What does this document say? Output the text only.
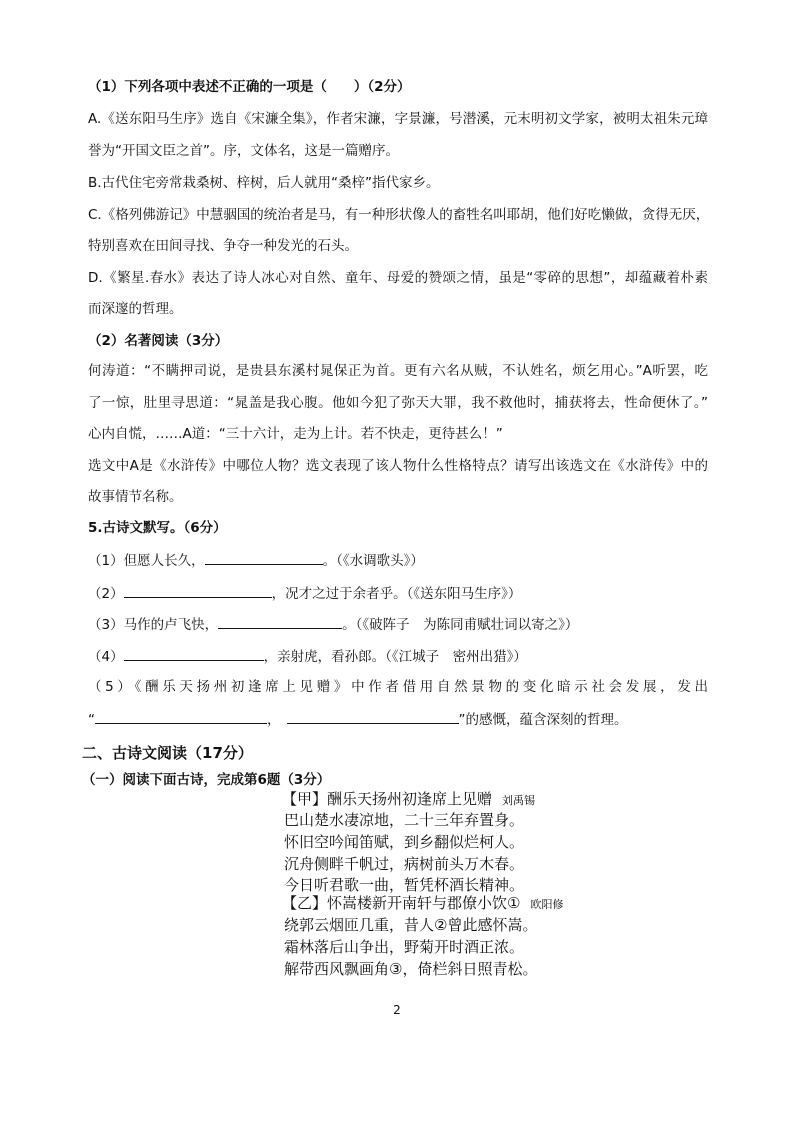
（1）下列各项中表述不正确的一项是（　　）（2分）
A.《送东阳马生序》选自《宋濂全集》，作者宋濂，字景濂，号潜溪，元末明初文学家，被明太祖朱元璋
誉为“开国文臣之首”。序，文体名，这是一篇赠序。
B.古代住宅旁常栽桑树、梓树，后人就用“桑梓”指代家乡。
C.《格列佛游记》中慧骃国的统治者是马，有一种形状像人的畜牲名叫耶胡，他们好吃懒做，贪得无厌，
特别喜欢在田间寻找、争夺一种发光的石头。
D.《繁星.春水》表达了诗人冰心对自然、童年、母爱的赞颂之情，虽是“零碎的思想”，却蕴藏着朴素
而深邃的哲理。
（2）名著阅读（3分）
何涛道：“不瞒押司说，是贵县东溪村晁保正为首。更有六名从贼，不认姓名，烦乞用心。”A听罢，吃
了一惊，肚里寻思道：“晁盖是我心腹。他如今犯了弥天大罪，我不救他时，捕获将去，性命便休了。”
心内自慌，……A道：“三十六计，走为上计。若不快走，更待甚么！”
选文中A是《水浒传》中哪位人物？选文表现了该人物什么性格特点？请写出该选文在《水浒传》中的
故事情节名称。
5.古诗文默写。（6分）
（1）但愿人长久，	。（《水调歌头》）
（2）	，况才之过于余者乎。（《送东阳马生序》）
（3）马作的卢飞快，	。（《破阵子　为陈同甫赋壮词以寄之》）
（4）	，亲射虎，看孙郎。（《江城子　密州出猎》）
（5）《酬乐天扬州初逢席上见赠》中作者借用自然景物的变化暗示社会发展，发出
“	，	”的感慨，蕴含深刻的哲理。
二、古诗文阅读（17分）
（一）阅读下面古诗，完成第6题（3分）
【甲】酬乐天扬州初逢席上见赠 刘禹锡
巴山楚水凄凉地，二十三年弃置身。
怀旧空吟闻笛赋，到乡翻似烂柯人。
沉舟侧畔千帆过，病树前头万木春。
今日听君歌一曲，暂凭杯酒长精神。
【乙】怀嵩楼新开南轩与郡僚小饮① 欧阳修
绕郭云烟匝几重，昔人②曾此感怀嵩。
霜林落后山争出，野菊开时酒正浓。
解带西风飘画角③，倚栏斜日照青松。
2
